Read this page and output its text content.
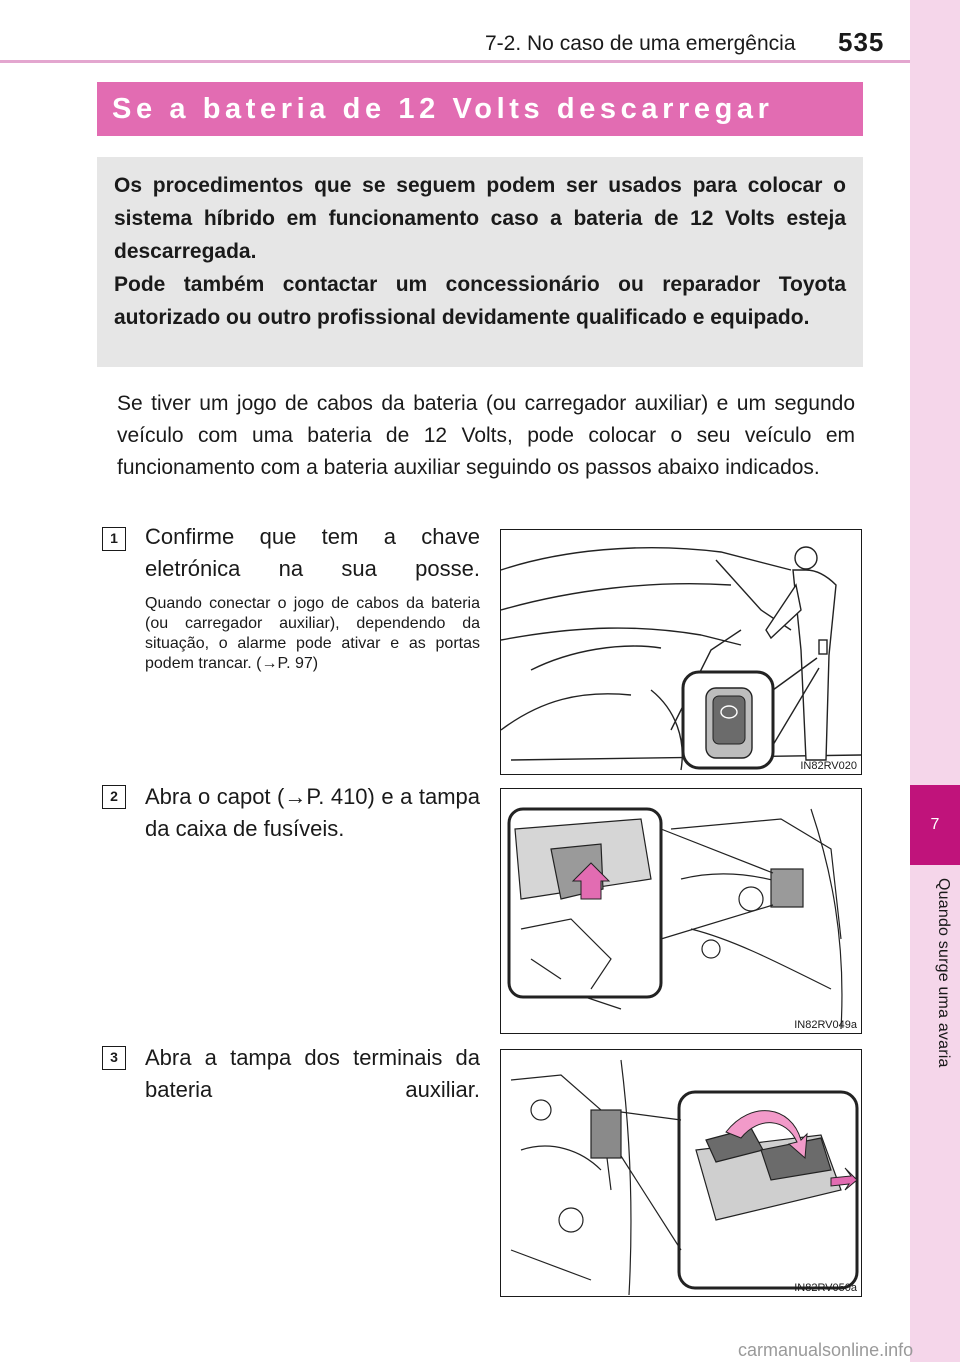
7
Quando surge uma avaria
7-2. No caso de uma emergência 535
Se a bateria de 12 Volts descarregar

Os procedimentos que se seguem podem ser usados para colocar o sistema híbrido em funcionamento caso a bateria de 12 Volts esteja descarregada.

Pode também contactar um concessionário ou reparador Toyota autorizado ou outro profissional devidamente qualificado e equipado.

Se tiver um jogo de cabos da bateria (ou carregador auxiliar) e um segundo veículo com uma bateria de 12 Volts, pode colocar o seu veículo em funcionamento com a bateria auxiliar seguindo os passos abaixo indicados.

1	Confirme que tem a chave eletrónica na sua posse.

Quando conectar o jogo de cabos da bateria (ou carregador auxiliar), dependendo da situação, o alarme pode ativar e as portas podem trancar. (→P. 97)

IN82RV020
2	Abra o capot (→P. 410) e a tampa da caixa de fusíveis.

IN82RV049a
3	Abra a tampa dos terminais da bateria auxiliar.

IN82RV050a
carmanualsonline.info
